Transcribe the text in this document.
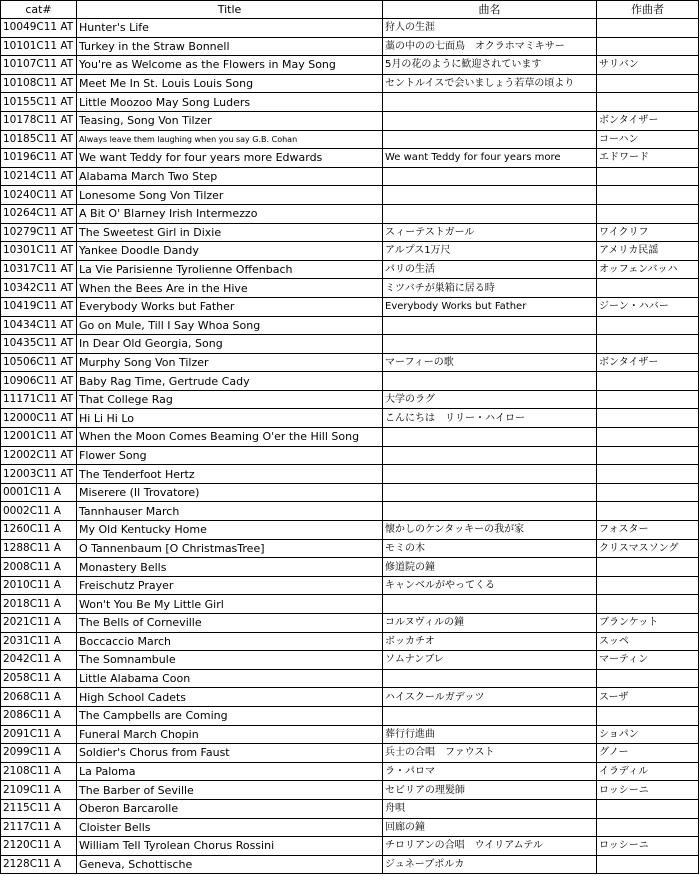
cat#	Title	曲名	作曲者
10049C11 AT	Hunter's Life	狩人の生涯	
10101C11 AT	Turkey in the Straw Bonnell	藁の中のの七面鳥　オクラホマミキサー	
10107C11 AT	You're as Welcome as the Flowers in May Song	5月の花のように歓迎されています	サリバン
10108C11 AT	Meet Me In St. Louis Louis Song	セントルイスで会いましょう若草の頃より	
10155C11 AT	Little Moozoo May Song Luders		
10178C11 AT	Teasing, Song Von Tilzer		ボンタイザー
10185C11 AT	Always leave them laughing when you say G.B. Cohan		コーハン
10196C11 AT	We want Teddy for four years more Edwards	We want Teddy for four years more	エドワード
10214C11 AT	Alabama March Two Step		
10240C11 AT	Lonesome Song Von Tilzer		
10264C11 AT	A Bit O' Blarney Irish Intermezzo		
10279C11 AT	The Sweetest Girl in Dixie	スィーテストガール	ワイクリフ
10301C11 AT	Yankee Doodle Dandy	アルプス1万尺	アメリカ民謡
10317C11 AT	La Vie Parisienne Tyrolienne Offenbach	パリの生活	オッフェンバッハ
10342C11 AT	When the Bees Are in the Hive	ミツバチが巣箱に居る時	
10419C11 AT	Everybody Works but Father	Everybody Works but Father	ジーン・ハバー
10434C11 AT	Go on Mule, Till I Say Whoa Song		
10435C11 AT	In Dear Old Georgia, Song		
10506C11 AT	Murphy Song Von Tilzer	マーフィーの歌	ボンタイザー
10906C11 AT	Baby Rag Time, Gertrude Cady		
11171C11 AT	That College Rag	大学のラグ	
12000C11 AT	Hi Li Hi Lo	こんにちは　リリー・ハイロー	
12001C11 AT	When the Moon Comes Beaming O'er the Hill Song		
12002C11 AT	Flower Song		
12003C11 AT	The Tenderfoot Hertz		
0001C11 A	Miserere (Il Trovatore)		
0002C11 A	Tannhauser March		
1260C11 A	My Old Kentucky Home	懐かしのケンタッキーの我が家	フォスター
1288C11 A	O Tannenbaum [O ChristmasTree]	モミの木	クリスマスソング
2008C11 A	Monastery Bells	修道院の鐘	
2010C11 A	Freischutz Prayer	キャンベルがやってくる	
2018C11 A	Won't You Be My Little Girl		
2021C11 A	The Bells of Corneville	コルヌヴィルの鐘	ブランケット
2031C11 A	Boccaccio March	ボッカチオ	スッペ
2042C11 A	The Somnambule	ソムナンブレ	マーティン
2058C11 A	Little Alabama Coon		
2068C11 A	High School Cadets	ハイスクールガデッツ	スーザ
2086C11 A	The Campbells are Coming		
2091C11 A	Funeral March Chopin	葬行行進曲	ショパン
2099C11 A	Soldier's Chorus from Faust	兵士の合唱　ファウスト	グノー
2108C11 A	La Paloma	ラ・パロマ	イラディル
2109C11 A	The Barber of Seville	セビリアの理髪師	ロッシーニ
2115C11 A	Oberon Barcarolle	舟唄	
2117C11 A	Cloister Bells	回廊の鐘	
2120C11 A	William Tell Tyrolean Chorus Rossini	チロリアンの合唱　ウイリアムテル	ロッシーニ
2128C11 A	Geneva, Schottische	ジュネーブポルカ	
